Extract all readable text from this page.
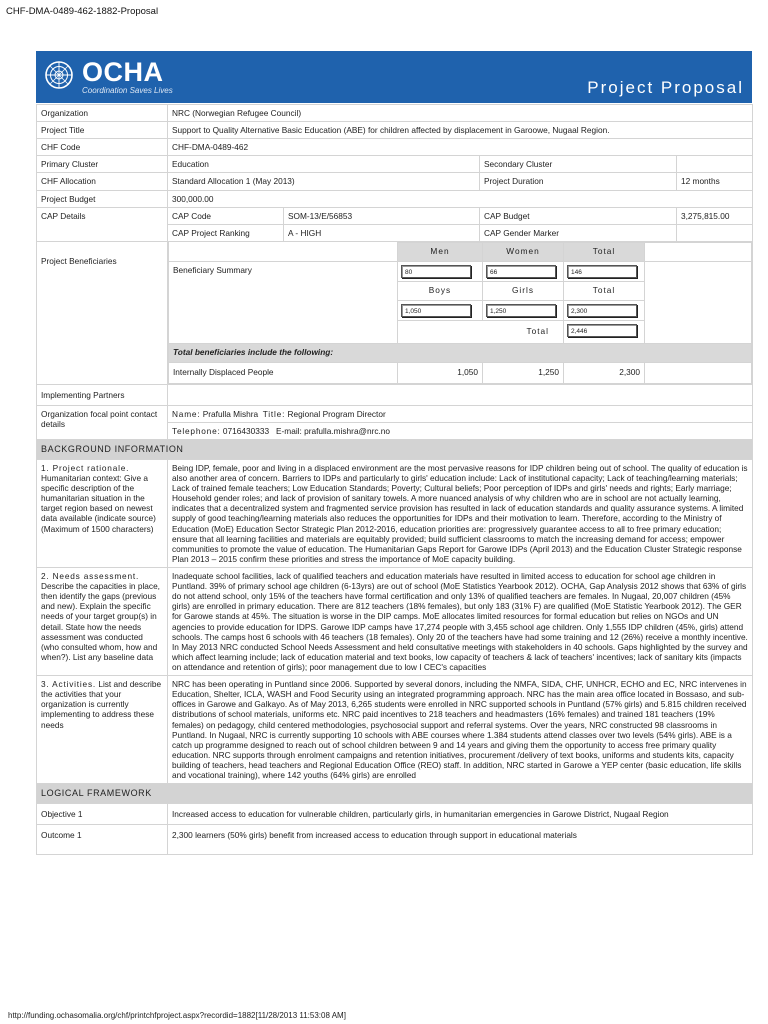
CHF-DMA-0489-462-1882-Proposal
OCHA
Coordination Saves Lives	Project Proposal
Organization	NRC (Norwegian Refugee Council)
Project Title	Support to Quality Alternative Basic Education (ABE) for children affected by displacement in Garoowe, Nugaal Region.
CHF Code	CHF-DMA-0489-462
Primary Cluster	Education	Secondary Cluster	
CHF Allocation	Standard Allocation 1 (May 2013)	Project Duration	12 months
Project Budget	300,000.00
CAP Details	CAP Code	SOM-13/E/56853	CAP Budget	3,275,815.00
CAP Project Ranking	A - HIGH	CAP Gender Marker	
Project Beneficiaries	
	Men	Women	Total	
Beneficiary Summary	80	66	146

Boys	Girls	Total

1,050	1,250	2,300

Total	2,446

Total beneficiaries include the following:
Internally Displaced People	1,050	1,250	2,300	

Implementing Partners	
Organization focal point contact details	Name: Prafulla Mishra Title: Regional Program Director
Telephone: 0716430333 E-mail: prafulla.mishra@nrc.no
BACKGROUND INFORMATION
1. Project rationale. Humanitarian context: Give a specific description of the humanitarian situation in the target region based on newest data available (indicate source) (Maximum of 1500 characters)	Being IDP, female, poor and living in a displaced environment are the most pervasive reasons for IDP children being out of school. The quality of education is also another area of concern. Barriers to IDPs and particularly to girls' education include: Lack of institutional capacity; Lack of teaching/learning materials; Lack of trained female teachers; Low Education Standards; Poverty; Cultural beliefs; Poor perception of IDPs and girls' needs and rights; Early marriage; Household gender roles; and lack of provision of sanitary towels. A more nuanced analysis of why children who are in school are not actually learning, indicates that a decentralized system and fragmented service provision has resulted in lack of education standards and quality assurance systems. A limited supply of good teaching/learning materials also reduces the opportunities for IDPs and their motivation to learn. Therefore, according to the Ministry of Education (MoE) Education Sector Strategic Plan 2012-2016, education priorities are: progressively guarantee access to all to free primary education; ensure that all learning facilities and materials are equitably provided; build sufficient classrooms to match the increasing demand for access; empower communities to promote the value of education. The Humanitarian Gaps Report for Garowe IDPs (April 2013) and the Education Cluster Strategic response Plan 2013 – 2015 confirm these priorities and stress the importance of MoE capacity building.
2. Needs assessment. Describe the capacities in place, then identify the gaps (previous and new). Explain the specific needs of your target group(s) in detail. State how the needs assessment was conducted (who consulted whom, how and when?). List any baseline data	Inadequate school facilities, lack of qualified teachers and education materials have resulted in limited access to education for school age children in Puntland. 39% of primary school age children (6-13yrs) are out of school (MoE Statistics Yearbook 2012). OCHA, Gap Analysis 2012 shows that 63% of girls do not attend school, only 15% of the teachers have formal certification and only 13% of qualified teachers are females. In Nugaal, 20,007 children (45% girls) are enrolled in primary education. There are 812 teachers (18% females), but only 183 (31% F) are qualified (MoE Statistic Yearbook 2012). The GER for Garowe stands at 45%. The situation is worse in the DIP camps. MoE allocates limited resources for formal education but relies on NGOs and UN agencies to provide education for IDPS. Garowe IDP camps have 17,274 people with 3,455 school age children. Only 1,555 IDP children (45%, girls) attend schools. The camps host 6 schools with 46 teachers (18 females). Only 20 of the teachers have had some training and 12 (26%) receive a monthly incentive. In May 2013 NRC conducted School Needs Assessment and held consultative meetings with stakeholders in 40 schools. Gaps highlighted by the survey and which affect learning include; lack of education material and text books, low capacity of teachers & lack of teachers' incentives; lack of sanitary kits (impacts on attendance and retention of girls); poor management due to low I CEC's capacities
3. Activities. List and describe the activities that your organization is currently implementing to address these needs	NRC has been operating in Puntland since 2006. Supported by several donors, including the NMFA, SIDA, CHF, UNHCR, ECHO and EC, NRC intervenes in Education, Shelter, ICLA, WASH and Food Security using an integrated programming approach. NRC has the main area office located in Bossaso, and sub-offices in Garowe and Galkayo. As of May 2013, 6,265 students were enrolled in NRC supported schools in Puntland (57% girls) and 5.815 children received distributions of school materials, uniforms etc. NRC paid incentives to 218 teachers and headmasters (16% females) and trained 181 teachers (19% females) on pedagogy, child centered methodologies, psychosocial support and referral systems. Over the years, NRC constructed 98 classrooms in Puntland. In Nugaal, NRC is currently supporting 10 schools with ABE courses where 1.384 students attend classes over two levels (54% girls). ABE is a catch up programme designed to reach out of school children between 9 and 14 years and giving them the opportunity to access free primary quality education. NRC supports through enrolment campaigns and retention initiatives, procurement /delivery of text books, uniforms and students kits, capacity building of teachers, head teachers and Regional Education Office (REO) staff. In addition, NRC started in Garowe a YEP center (basic education, life skills and vocational training), where 142 youths (64% girls) are enrolled
LOGICAL FRAMEWORK
Objective 1	Increased access to education for vulnerable children, particularly girls, in humanitarian emergencies in Garowe District, Nugaal Region
Outcome 1	2,300 learners (50% girls) benefit from increased access to education through support in educational materials
http://funding.ochasomalia.org/chf/printchfproject.aspx?recordid=1882[11/28/2013 11:53:08 AM]
